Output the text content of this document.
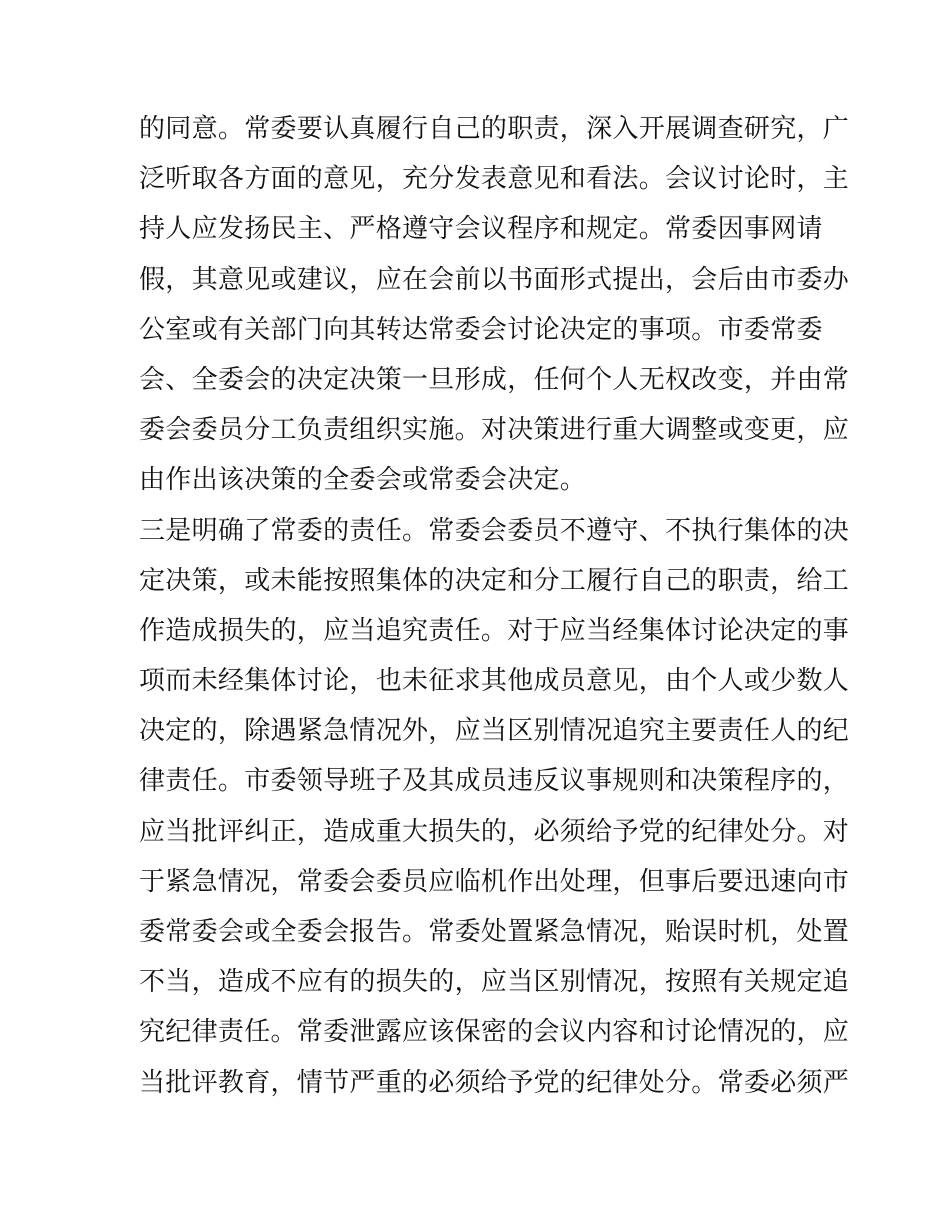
的同意。常委要认真履行自己的职责，深入开展调查研究，广
泛听取各方面的意见，充分发表意见和看法。会议讨论时，主
持人应发扬民主、严格遵守会议程序和规定。常委因事网请
假，其意见或建议，应在会前以书面形式提出，会后由市委办
公室或有关部门向其转达常委会讨论决定的事项。市委常委
会、全委会的决定决策一旦形成，任何个人无权改变，并由常
委会委员分工负责组织实施。对决策进行重大调整或变更，应
由作出该决策的全委会或常委会决定。
三是明确了常委的责任。常委会委员不遵守、不执行集体的决
定决策，或未能按照集体的决定和分工履行自己的职责，给工
作造成损失的，应当追究责任。对于应当经集体讨论决定的事
项而未经集体讨论，也未征求其他成员意见，由个人或少数人
决定的，除遇紧急情况外，应当区别情况追究主要责任人的纪
律责任。市委领导班子及其成员违反议事规则和决策程序的，
应当批评纠正，造成重大损失的，必须给予党的纪律处分。对
于紧急情况，常委会委员应临机作出处理，但事后要迅速向市
委常委会或全委会报告。常委处置紧急情况，贻误时机，处置
不当，造成不应有的损失的，应当区别情况，按照有关规定追
究纪律责任。常委泄露应该保密的会议内容和讨论情况的，应
当批评教育，情节严重的必须给予党的纪律处分。常委必须严
